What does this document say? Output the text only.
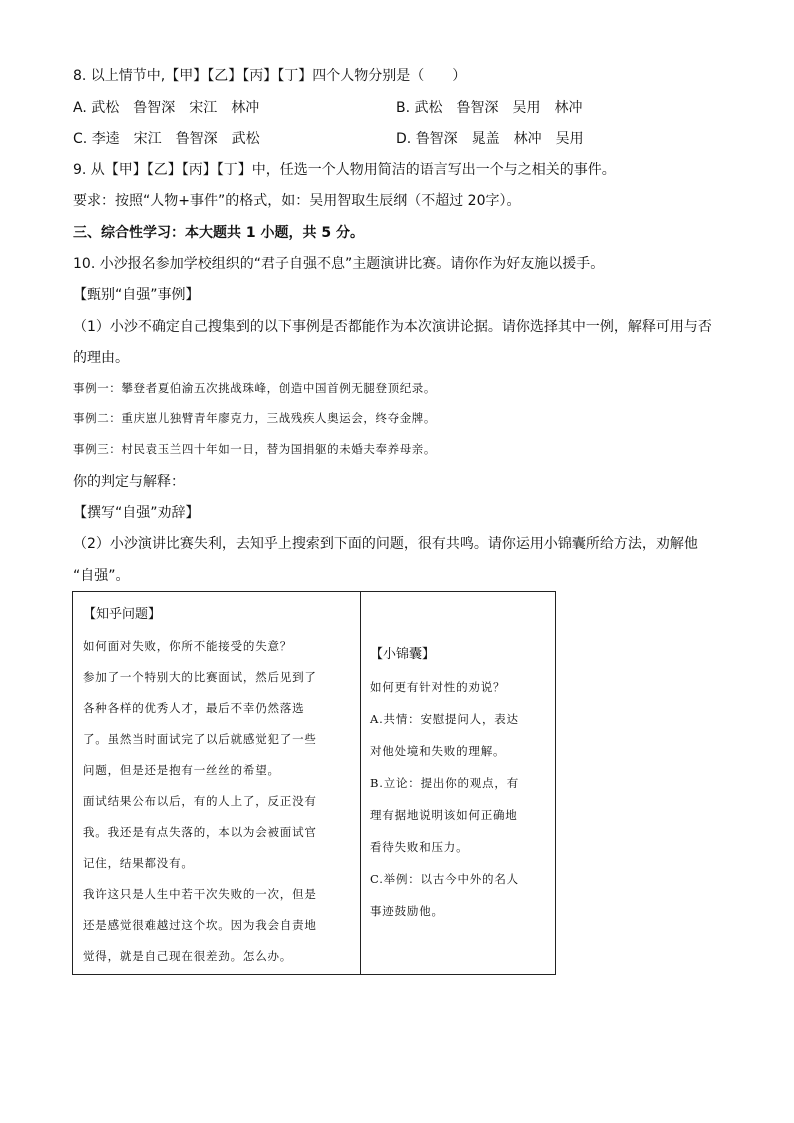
8. 以上情节中,【甲】【乙】【丙】【丁】四个人物分别是（　　）
A. 武松　鲁智深　宋江　林冲	B. 武松　鲁智深　吴用　林冲
C. 李逵　宋江　鲁智深　武松	D. 鲁智深　晁盖　林冲　吴用
9. 从【甲】【乙】【丙】【丁】中，任选一个人物用简洁的语言写出一个与之相关的事件。
要求：按照“人物+事件”的格式，如：吴用智取生辰纲（不超过 20字）。
三、综合性学习：本大题共 1 小题，共 5 分。
10. 小沙报名参加学校组织的“君子自强不息”主题演讲比赛。请你作为好友施以援手。
【甄别“自强”事例】
（1）小沙不确定自己搜集到的以下事例是否都能作为本次演讲论据。请你选择其中一例，解释可用与否
的理由。
事例一：攀登者夏伯渝五次挑战珠峰，创造中国首例无腿登顶纪录。
事例二：重庆崽儿独臂青年廖克力，三战残疾人奥运会，终夺金牌。
事例三：村民袁玉兰四十年如一日，替为国捐躯的未婚夫奉养母亲。
你的判定与解释：
【撰写“自强”劝辞】
（2）小沙演讲比赛失利，去知乎上搜索到下面的问题，很有共鸣。请你运用小锦囊所给方法，劝解他
“自强”。
【知乎问题】
如何面对失败，你所不能接受的失意？
参加了一个特别大的比赛面试，然后见到了
各种各样的优秀人才，最后不幸仍然落选
了。虽然当时面试完了以后就感觉犯了一些
问题，但是还是抱有一丝丝的希望。
面试结果公布以后，有的人上了，反正没有
我。我还是有点失落的，本以为会被面试官
记住，结果都没有。
我许这只是人生中若干次失败的一次，但是
还是感觉很难越过这个坎。因为我会自责地
觉得，就是自己现在很差劲。怎么办。
【小锦囊】
如何更有针对性的劝说？
A.共情：安慰提问人，表达
对他处境和失败的理解。
B.立论：提出你的观点，有
理有据地说明该如何正确地
看待失败和压力。
C.举例：以古今中外的名人
事迹鼓励他。
